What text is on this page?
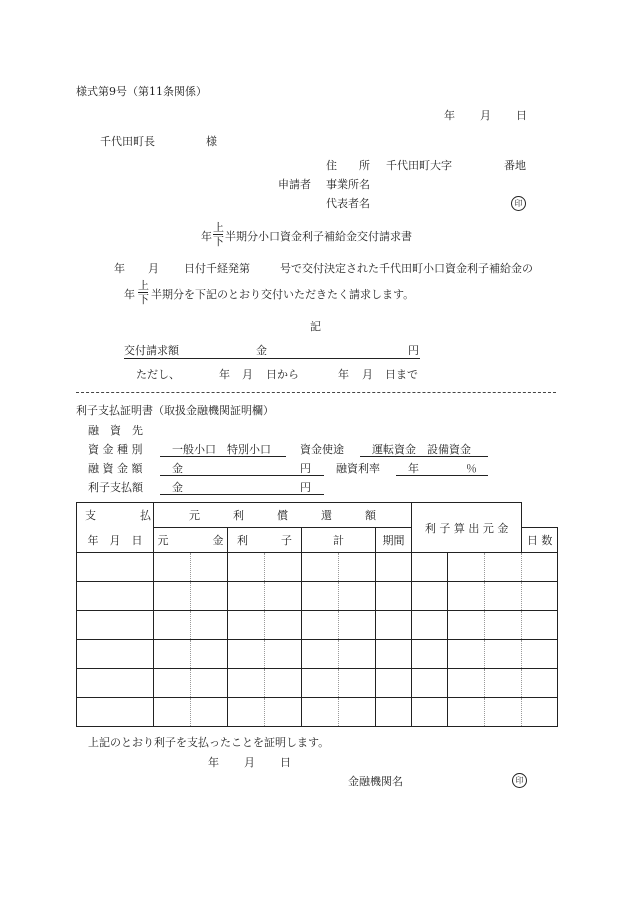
様式第9号（第11条関係）
年 月 日
千代田町長	様
住　　所 千代田町大字	番地
申請者 事業所名
代表者名	印
年
上
下 半期分小口資金利子補給金交付請求書
年 月 日付千経発第	号で交付決定された千代田町小口資金利子補給金の
年
上
下 半期分を下記のとおり交付いただきたく請求します。
記
交付請求額	金	円
ただし、	年 月 日から	年 月 日まで
利子支払証明書（取扱金融機関証明欄）
融　資　先
資 金 種 別	一般小口　特別小口	資金使途	運転資金　設備資金
融 資 金 額	金	円 融資利率	年	％
利子支払額	金	円
支　　　　払	元　　　利　　　償　　　還　　　額							利 子 算 出 元 金			
年　月　日	元　　　　金		利　　　子		計		期間				日 数

上記のとおり利子を支払ったことを証明します。
年 月 日
金融機関名	印
